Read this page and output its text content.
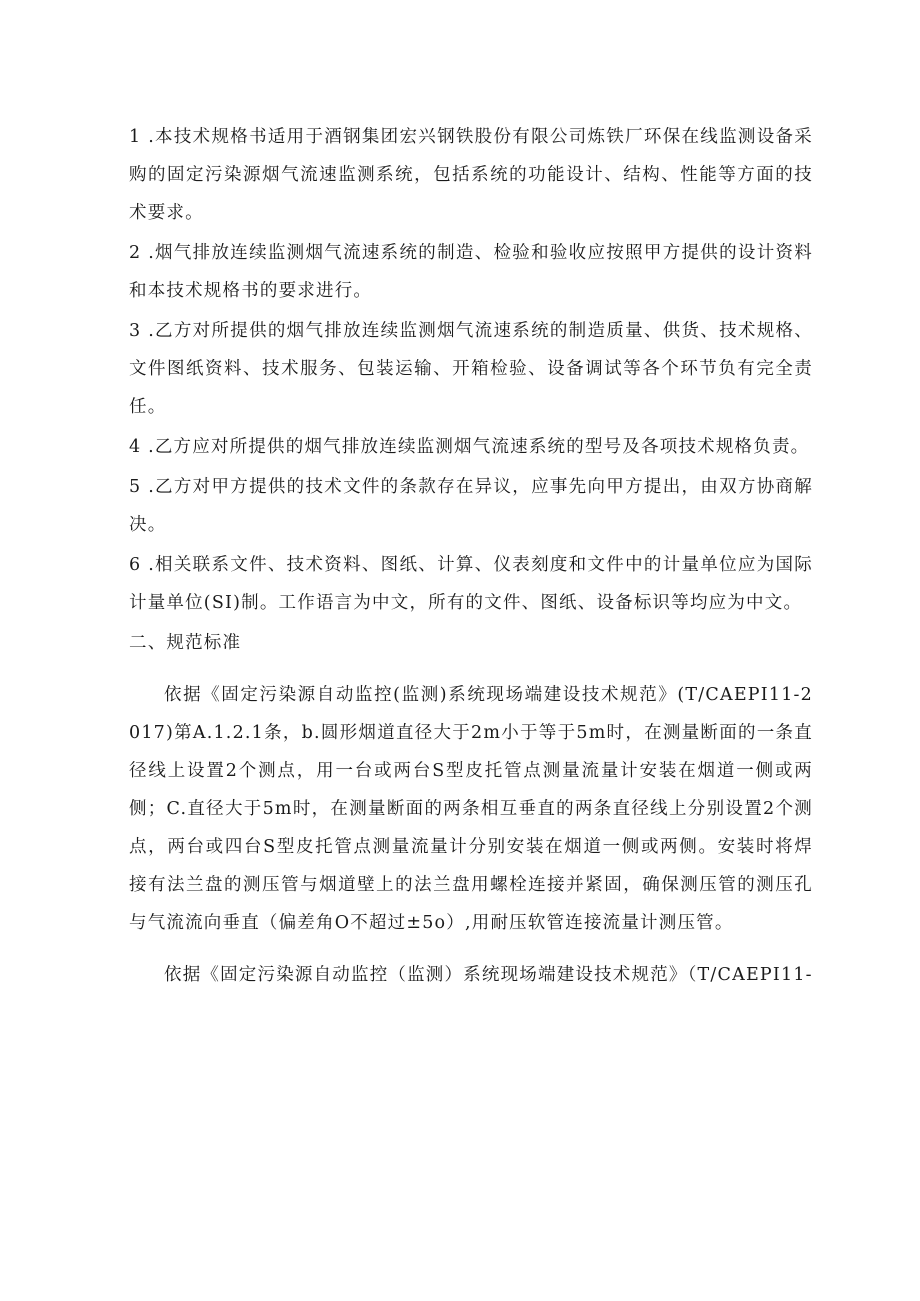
1 .本技术规格书适用于酒钢集团宏兴钢铁股份有限公司炼铁厂环保在线监测设备采购的固定污染源烟气流速监测系统，包括系统的功能设计、结构、性能等方面的技术要求。

2 .烟气排放连续监测烟气流速系统的制造、检验和验收应按照甲方提供的设计资料和本技术规格书的要求进行。

3 .乙方对所提供的烟气排放连续监测烟气流速系统的制造质量、供货、技术规格、文件图纸资料、技术服务、包装运输、开箱检验、设备调试等各个环节负有完全责任。

4 .乙方应对所提供的烟气排放连续监测烟气流速系统的型号及各项技术规格负责。

5 .乙方对甲方提供的技术文件的条款存在异议，应事先向甲方提出，由双方协商解决。

6 .相关联系文件、技术资料、图纸、计算、仪表刻度和文件中的计量单位应为国际计量单位(SI)制。工作语言为中文，所有的文件、图纸、设备标识等均应为中文。

二、规范标准

依据《固定污染源自动监控(监测)系统现场端建设技术规范》(T/CAEPI11-2017)第A.1.2.1条，b.圆形烟道直径大于2m小于等于5m时，在测量断面的一条直径线上设置2个测点，用一台或两台S型皮托管点测量流量计安装在烟道一侧或两侧；C.直径大于5m时，在测量断面的两条相互垂直的两条直径线上分别设置2个测点，两台或四台S型皮托管点测量流量计分别安装在烟道一侧或两侧。安装时将焊接有法兰盘的测压管与烟道壁上的法兰盘用螺栓连接并紧固，确保测压管的测压孔与气流流向垂直（偏差角O不超过±5o）,用耐压软管连接流量计测压管。

依据《固定污染源自动监控（监测）系统现场端建设技术规范》（T/CAEPI11-
